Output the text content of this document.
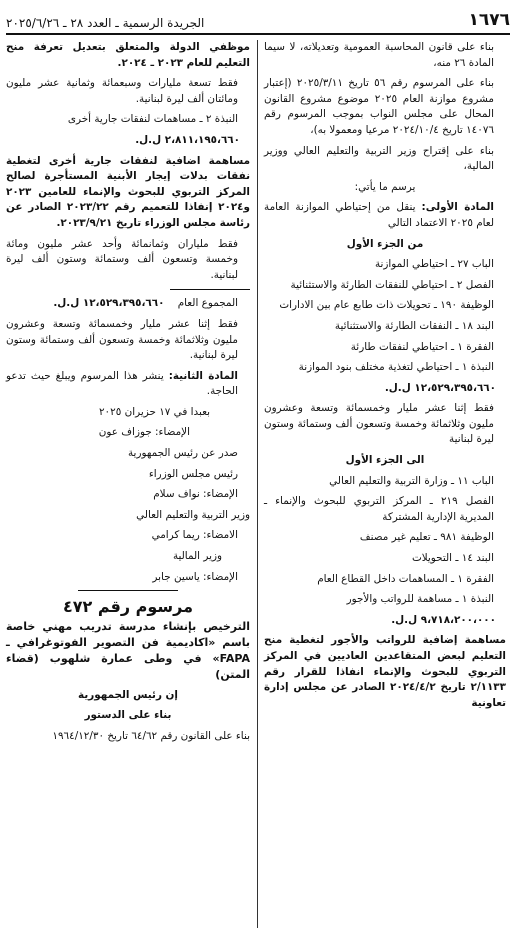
١٦٧٦
الجريدة الرسمية ـ العدد ٢٨ ـ ٢٠٢٥/٦/٢٦

بناء على قانون المحاسبة العمومية وتعديلاته، لا سيما المادة ٢٦ منه،

بناء على المرسوم رقم ٥٦ تاريخ ٢٠٢٥/٣/١١ (إعتبار مشروع موازنة العام ٢٠٢٥ موضوع مشروع القانون المحال على مجلس النواب بموجب المرسوم رقم ١٤٠٧٦ تاريخ ٢٠٢٤/١٠/٤ مرعيا ومعمولا به)،

بناء على إقتراح وزير التربية والتعليم العالي ووزير المالية،

يرسم ما يأتي:

المادة الأولى: ينقل من إحتياطي الموازنة العامة لعام ٢٠٢٥ الاعتماد التالي

من الجزء الأول

الباب ٢٧ ـ احتياطي الموازنة

الفصل ٢ ـ احتياطي للنفقات الطارئة والاستثنائية

الوظيفة ١٩٠ ـ تحويلات ذات طابع عام بين الادارات

البند ١٨ ـ النفقات الطارئة والاستثنائية

الفقرة ١ ـ احتياطي لنفقات طارئة

النبذة ١ ـ احتياطي لتغذية مختلف بنود الموازنة

١٢،٥٢٩،٣٩٥،٦٦٠ ل.ل.

فقط إثنا عشر مليار وخمسمائة وتسعة وعشرون مليون وثلاثمائة وخمسة وتسعون ألف وستمائة وستون ليرة لبنانية

الى الجزء الأول

الباب ١١ ـ وزارة التربية والتعليم العالي

الفصل ٢١٩ ـ المركز التربوي للبحوث والإنماء ـ المديرية الإدارية المشتركة

الوظيفة ٩٨١ ـ تعليم غير مصنف

البند ١٤ ـ التحويلات

الفقرة ١ ـ المساهمات داخل القطاع العام

النبذة ١ ـ مساهمة للرواتب والأجور

٩،٧١٨،٢٠٠،٠٠٠ ل.ل.

مساهمة إضافية للرواتب والأجور لتغطية منح التعليم لبعض المتقاعدين العاديين في المركز التربوي للبحوث والإنماء انفاذا للقرار رقم ٢/١١٣٣ تاريخ ٢٠٢٤/٤/٢ الصادر عن مجلس إدارة تعاونية

موظفي الدولة والمتعلق بتعديل تعرفة منح التعليم للعام ٢٠٢٣ ـ ٢٠٢٤.

فقط تسعة مليارات وسبعمائة وثمانية عشر مليون ومائتان ألف ليرة لبنانية.

النبذة ٢ ـ مساهمات لنفقات جارية أخرى

٢،٨١١،١٩٥،٦٦٠ ل.ل.

مساهمة اضافية لنفقات جارية أخرى لتغطية نفقات بدلات إيجار الأبنية المستأجرة لصالح المركز التربوي للبحوث والإنماء للعامين ٢٠٢٣ و٢٠٢٤ إنفاذا للتعميم رقم ٢٠٢٣/٢٢ الصادر عن رئاسة مجلس الوزراء تاريخ ٢٠٢٣/٩/٢١.

فقط ملياران وثمانمائة وأحد عشر مليون ومائة وخمسة وتسعون ألف وستمائة وستون ألف ليرة لبنانية.

المجموع العام    ١٢،٥٢٩،٣٩٥،٦٦٠ ل.ل.

فقط إثنا عشر مليار وخمسمائة وتسعة وعشرون مليون وثلاثمائة وخمسة وتسعون ألف وستمائة وستون ليرة لبنانية.

المادة الثانية: ينشر هذا المرسوم ويبلغ حيث تدعو الحاجة.

بعبدا في ١٧ حزيران ٢٠٢٥

الإمضاء: جوزاف عون

صدر عن رئيس الجمهورية

رئيس مجلس الوزراء

الإمضاء: نواف سلام

وزير التربية والتعليم العالي

الامضاء: ريما كرامي

وزير المالية

الإمضاء: ياسين جابر

مرسوم رقم ٤٧٢

الترخيص بإنشاء مدرسة تدريب مهني خاصة باسم «اكاديمية فن التصوير الفوتوغرافي ـ FAPA» في وطى عمارة شلهوب (قضاء المتن)

إن رئيس الجمهورية

بناء على الدستور

بناء على القانون رقم ٦٤/٦٢ تاريخ ١٩٦٤/١٢/٣٠
